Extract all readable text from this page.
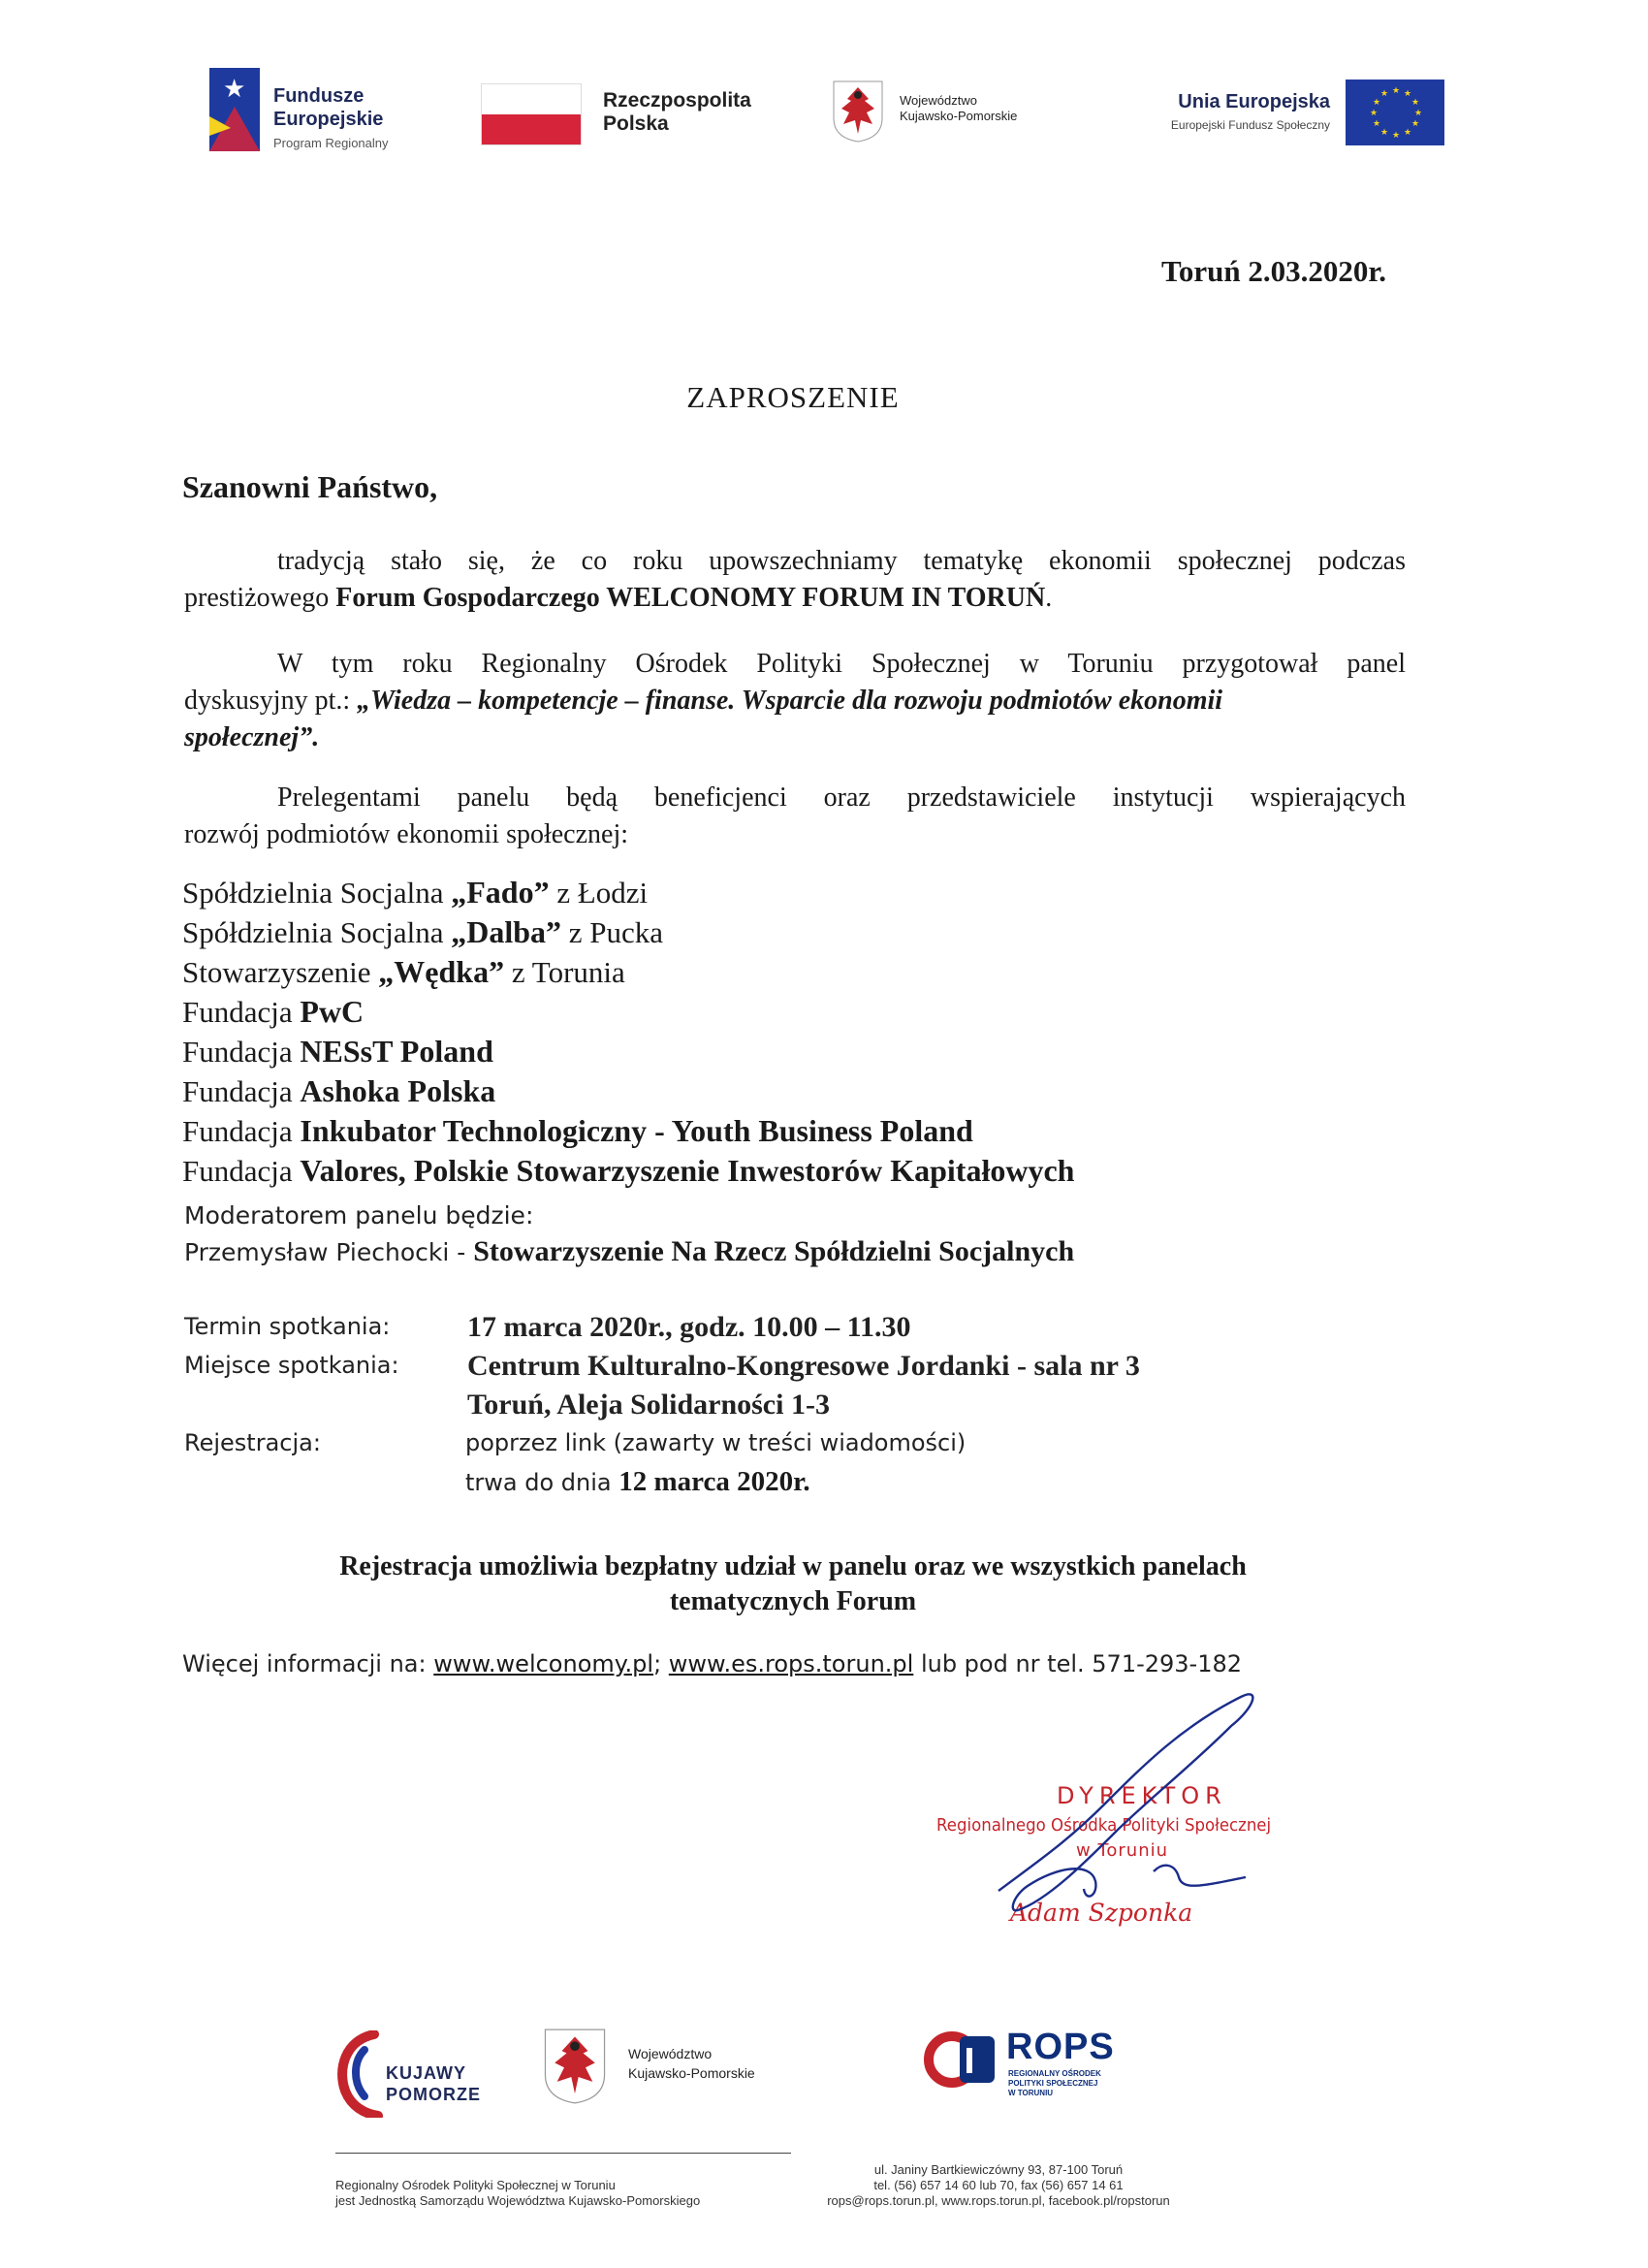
★ Fundusze
Europejskie
Program Regionalny
Rzeczpospolita
Polska
Województwo
Kujawsko-Pomorskie
Unia Europejska
Europejski Fundusz Społeczny
★ ★
★
★
★
★
★
★
★
★
★
★
Toruń 2.03.2020r.
ZAPROSZENIE
Szanowni Państwo,
tradycją stało się, że co roku upowszechniamy tematykę ekonomii społecznej podczas
prestiżowego Forum Gospodarczego WELCONOMY FORUM IN TORUŃ.
W tym roku Regionalny Ośrodek Polityki Społecznej w Toruniu przygotował panel
dyskusyjny pt.: „Wiedza – kompetencje – finanse. Wsparcie dla rozwoju podmiotów ekonomii
społecznej”.
Prelegentami panelu będą beneficjenci oraz przedstawiciele instytucji wspierających
rozwój podmiotów ekonomii społecznej:
Spółdzielnia Socjalna „Fado” z Łodzi
Spółdzielnia Socjalna „Dalba” z Pucka
Stowarzyszenie „Wędka” z Torunia
Fundacja PwC
Fundacja NESsT Poland
Fundacja Ashoka Polska
Fundacja Inkubator Technologiczny - Youth Business Poland
Fundacja Valores, Polskie Stowarzyszenie Inwestorów Kapitałowych
Moderatorem panelu będzie:
Przemysław Piechocki - Stowarzyszenie Na Rzecz Spółdzielni Socjalnych
Termin spotkania:	17 marca 2020r., godz. 10.00 – 11.30
Miejsce spotkania: Centrum Kulturalno-Kongresowe Jordanki - sala nr 3
Toruń, Aleja Solidarności 1-3
Rejestracja:	poprzez link (zawarty w treści wiadomości)
trwa do dnia 12 marca 2020r.
Rejestracja umożliwia bezpłatny udział w panelu oraz we wszystkich panelach
tematycznych Forum
Więcej informacji na: www.welconomy.pl; www.es.rops.torun.pl lub pod nr tel. 571-293-182
DYREKTOR
Regionalnego Ośrodka Polityki Społecznej
w Toruniu
Adam Szponka
KUJAWY
POMORZE
Województwo
Kujawsko-Pomorskie
ROPS
REGIONALNY OŚRODEK
POLITYKI SPOŁECZNEJ
W TORUNIU
Regionalny Ośrodek Polityki Społecznej w Toruniu
jest Jednostką Samorządu Województwa Kujawsko-Pomorskiego
ul. Janiny Bartkiewiczówny 93, 87-100 Toruń
tel. (56) 657 14 60 lub 70, fax (56) 657 14 61
rops@rops.torun.pl, www.rops.torun.pl, facebook.pl/ropstorun
